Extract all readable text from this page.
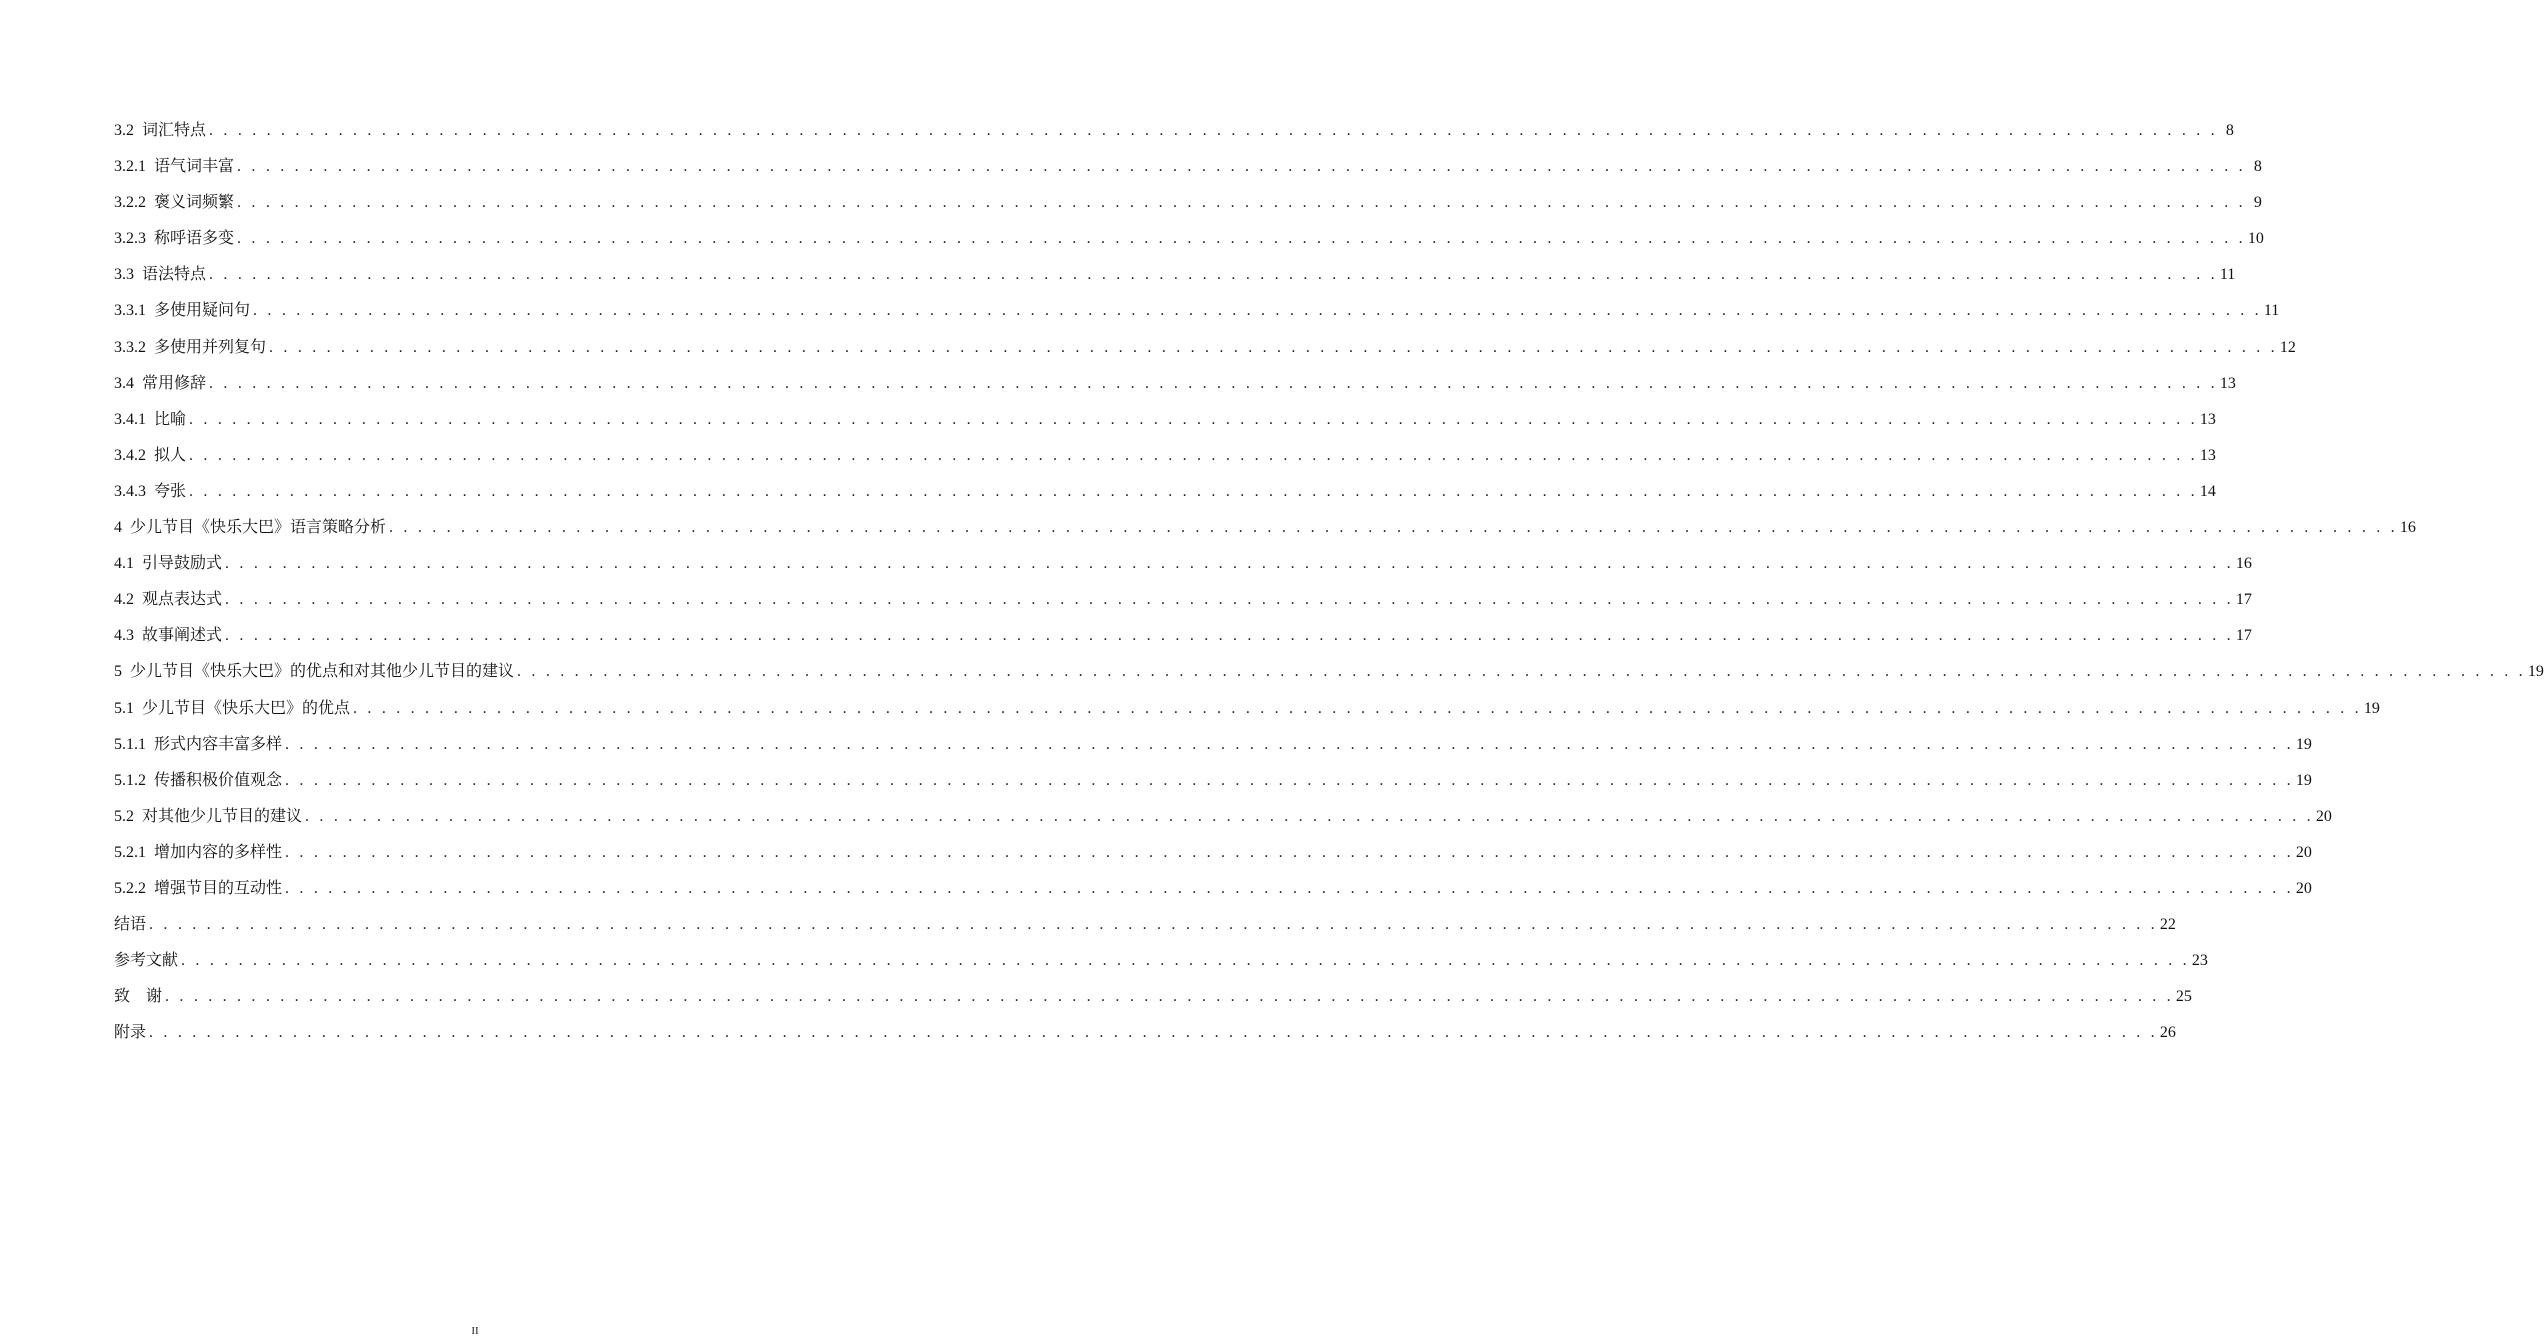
3.2 词汇特点 . . . . . . . . . . . . . . . . . . . . . . . . . . . . . . . . . . . . . . . . . . . . . . . . . . . . . . . . . . . . . . . . . . . . . . . . . . . . . . . . . . . . . . . . . . . . . . . . . . . . . . . . . . . . . . . . . . . . . . . . . . . . . . . . . . . . . . . . . . . . 8
3.2.1 语气词丰富 . . . . . . . . . . . . . . . . . . . . . . . . . . . . . . . . . . . . . . . . . . . . . . . . . . . . . . . . . . . . . . . . . . . . . . . . . . . . . . . . . . . . . . . . . . . . . . . . . . . . . . . . . . . . . . . . . . . . . . . . . . . . . . . . . . . . . . . . . . . . 8
3.2.2 褒义词频繁 . . . . . . . . . . . . . . . . . . . . . . . . . . . . . . . . . . . . . . . . . . . . . . . . . . . . . . . . . . . . . . . . . . . . . . . . . . . . . . . . . . . . . . . . . . . . . . . . . . . . . . . . . . . . . . . . . . . . . . . . . . . . . . . . . . . . . . . . . . . . 9
3.2.3 称呼语多变 . . . . . . . . . . . . . . . . . . . . . . . . . . . . . . . . . . . . . . . . . . . . . . . . . . . . . . . . . . . . . . . . . . . . . . . . . . . . . . . . . . . . . . . . . . . . . . . . . . . . . . . . . . . . . . . . . . . . . . . . . . . . . . . . . . . . . . . . . . . . 10
3.3 语法特点 . . . . . . . . . . . . . . . . . . . . . . . . . . . . . . . . . . . . . . . . . . . . . . . . . . . . . . . . . . . . . . . . . . . . . . . . . . . . . . . . . . . . . . . . . . . . . . . . . . . . . . . . . . . . . . . . . . . . . . . . . . . . . . . . . . . . . . . . . . . . 11
3.3.1 多使用疑问句 . . . . . . . . . . . . . . . . . . . . . . . . . . . . . . . . . . . . . . . . . . . . . . . . . . . . . . . . . . . . . . . . . . . . . . . . . . . . . . . . . . . . . . . . . . . . . . . . . . . . . . . . . . . . . . . . . . . . . . . . . . . . . . . . . . . . . . . . . . . . 11
3.3.2 多使用并列复句 . . . . . . . . . . . . . . . . . . . . . . . . . . . . . . . . . . . . . . . . . . . . . . . . . . . . . . . . . . . . . . . . . . . . . . . . . . . . . . . . . . . . . . . . . . . . . . . . . . . . . . . . . . . . . . . . . . . . . . . . . . . . . . . . . . . . . . . . . . . . 12
3.4 常用修辞 . . . . . . . . . . . . . . . . . . . . . . . . . . . . . . . . . . . . . . . . . . . . . . . . . . . . . . . . . . . . . . . . . . . . . . . . . . . . . . . . . . . . . . . . . . . . . . . . . . . . . . . . . . . . . . . . . . . . . . . . . . . . . . . . . . . . . . . . . . . . 13
3.4.1 比喻 . . . . . . . . . . . . . . . . . . . . . . . . . . . . . . . . . . . . . . . . . . . . . . . . . . . . . . . . . . . . . . . . . . . . . . . . . . . . . . . . . . . . . . . . . . . . . . . . . . . . . . . . . . . . . . . . . . . . . . . . . . . . . . . . . . . . . . . . . . . . 13
3.4.2 拟人 . . . . . . . . . . . . . . . . . . . . . . . . . . . . . . . . . . . . . . . . . . . . . . . . . . . . . . . . . . . . . . . . . . . . . . . . . . . . . . . . . . . . . . . . . . . . . . . . . . . . . . . . . . . . . . . . . . . . . . . . . . . . . . . . . . . . . . . . . . . . 13
3.4.3 夸张 . . . . . . . . . . . . . . . . . . . . . . . . . . . . . . . . . . . . . . . . . . . . . . . . . . . . . . . . . . . . . . . . . . . . . . . . . . . . . . . . . . . . . . . . . . . . . . . . . . . . . . . . . . . . . . . . . . . . . . . . . . . . . . . . . . . . . . . . . . . . 14
4 少儿节目《快乐大巴》语言策略分析 . . . . . . . . . . . . . . . . . . . . . . . . . . . . . . . . . . . . . . . . . . . . . . . . . . . . . . . . . . . . . . . . . . . . . . . . . . . . . . . . . . . . . . . . . . . . . . . . . . . . . . . . . . . . . . . . . . . . . . . . . . . . . . . . . . . . . . . . . . . . 16
4.1 引导鼓励式 . . . . . . . . . . . . . . . . . . . . . . . . . . . . . . . . . . . . . . . . . . . . . . . . . . . . . . . . . . . . . . . . . . . . . . . . . . . . . . . . . . . . . . . . . . . . . . . . . . . . . . . . . . . . . . . . . . . . . . . . . . . . . . . . . . . . . . . . . . . . 16
4.2 观点表达式 . . . . . . . . . . . . . . . . . . . . . . . . . . . . . . . . . . . . . . . . . . . . . . . . . . . . . . . . . . . . . . . . . . . . . . . . . . . . . . . . . . . . . . . . . . . . . . . . . . . . . . . . . . . . . . . . . . . . . . . . . . . . . . . . . . . . . . . . . . . . 17
4.3 故事阐述式 . . . . . . . . . . . . . . . . . . . . . . . . . . . . . . . . . . . . . . . . . . . . . . . . . . . . . . . . . . . . . . . . . . . . . . . . . . . . . . . . . . . . . . . . . . . . . . . . . . . . . . . . . . . . . . . . . . . . . . . . . . . . . . . . . . . . . . . . . . . . 17
5 少儿节目《快乐大巴》的优点和对其他少儿节目的建议 . . . . . . . . . . . . . . . . . . . . . . . . . . . . . . . . . . . . . . . . . . . . . . . . . . . . . . . . . . . . . . . . . . . . . . . . . . . . . . . . . . . . . . . . . . . . . . . . . . . . . . . . . . . . . . . . . . . . . . . . . . . . . . . . . . . . . . . . . . . . 19
5.1 少儿节目《快乐大巴》的优点 . . . . . . . . . . . . . . . . . . . . . . . . . . . . . . . . . . . . . . . . . . . . . . . . . . . . . . . . . . . . . . . . . . . . . . . . . . . . . . . . . . . . . . . . . . . . . . . . . . . . . . . . . . . . . . . . . . . . . . . . . . . . . . . . . . . . . . . . . . . . 19
5.1.1 形式内容丰富多样 . . . . . . . . . . . . . . . . . . . . . . . . . . . . . . . . . . . . . . . . . . . . . . . . . . . . . . . . . . . . . . . . . . . . . . . . . . . . . . . . . . . . . . . . . . . . . . . . . . . . . . . . . . . . . . . . . . . . . . . . . . . . . . . . . . . . . . . . . . . . 19
5.1.2 传播积极价值观念 . . . . . . . . . . . . . . . . . . . . . . . . . . . . . . . . . . . . . . . . . . . . . . . . . . . . . . . . . . . . . . . . . . . . . . . . . . . . . . . . . . . . . . . . . . . . . . . . . . . . . . . . . . . . . . . . . . . . . . . . . . . . . . . . . . . . . . . . . . . . 19
5.2 对其他少儿节目的建议 . . . . . . . . . . . . . . . . . . . . . . . . . . . . . . . . . . . . . . . . . . . . . . . . . . . . . . . . . . . . . . . . . . . . . . . . . . . . . . . . . . . . . . . . . . . . . . . . . . . . . . . . . . . . . . . . . . . . . . . . . . . . . . . . . . . . . . . . . . . . 20
5.2.1 增加内容的多样性 . . . . . . . . . . . . . . . . . . . . . . . . . . . . . . . . . . . . . . . . . . . . . . . . . . . . . . . . . . . . . . . . . . . . . . . . . . . . . . . . . . . . . . . . . . . . . . . . . . . . . . . . . . . . . . . . . . . . . . . . . . . . . . . . . . . . . . . . . . . . 20
5.2.2 增强节目的互动性 . . . . . . . . . . . . . . . . . . . . . . . . . . . . . . . . . . . . . . . . . . . . . . . . . . . . . . . . . . . . . . . . . . . . . . . . . . . . . . . . . . . . . . . . . . . . . . . . . . . . . . . . . . . . . . . . . . . . . . . . . . . . . . . . . . . . . . . . . . . . 20
结语 . . . . . . . . . . . . . . . . . . . . . . . . . . . . . . . . . . . . . . . . . . . . . . . . . . . . . . . . . . . . . . . . . . . . . . . . . . . . . . . . . . . . . . . . . . . . . . . . . . . . . . . . . . . . . . . . . . . . . . . . . . . . . . . . . . . . . . . . . . . . 22
参考文献 . . . . . . . . . . . . . . . . . . . . . . . . . . . . . . . . . . . . . . . . . . . . . . . . . . . . . . . . . . . . . . . . . . . . . . . . . . . . . . . . . . . . . . . . . . . . . . . . . . . . . . . . . . . . . . . . . . . . . . . . . . . . . . . . . . . . . . . . . . . . 23
致　谢 . . . . . . . . . . . . . . . . . . . . . . . . . . . . . . . . . . . . . . . . . . . . . . . . . . . . . . . . . . . . . . . . . . . . . . . . . . . . . . . . . . . . . . . . . . . . . . . . . . . . . . . . . . . . . . . . . . . . . . . . . . . . . . . . . . . . . . . . . . . . 25
附录 . . . . . . . . . . . . . . . . . . . . . . . . . . . . . . . . . . . . . . . . . . . . . . . . . . . . . . . . . . . . . . . . . . . . . . . . . . . . . . . . . . . . . . . . . . . . . . . . . . . . . . . . . . . . . . . . . . . . . . . . . . . . . . . . . . . . . . . . . . . . 26
II
